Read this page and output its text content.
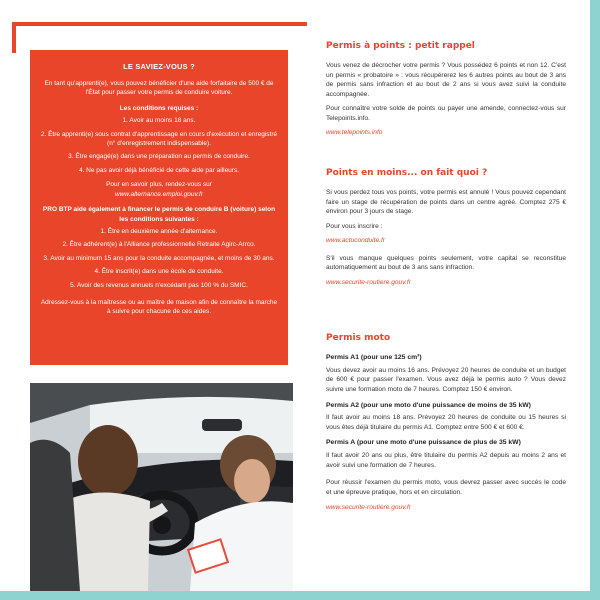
LE SAVIEZ-VOUS ?

En tant qu'apprenti(e), vous pouvez bénéficier d'une aide forfaitaire de 500 € de l'État pour passer votre permis de conduire voiture.

Les conditions requises :
1. Avoir au moins 18 ans.
2. Être apprenti(e) sous contrat d'apprentissage en cours d'exécution et enregistré (n° d'enregistrement indispensable).
3. Être engagé(e) dans une préparation au permis de conduire.
4. Ne pas avoir déjà bénéficié de cette aide par ailleurs.
Pour en savoir plus, rendez-vous sur
www.alternance.emploi.gouv.fr
PRO BTP aide également à financer le permis de conduire B (voiture) selon les conditions suivantes :
1. Être en deuxième année d'alternance.
2. Être adhérent(e) à l'Alliance professionnelle Retraite Agirc-Arrco.
3. Avoir au minimum 15 ans pour la conduite accompagnée, et moins de 30 ans.
4. Être inscrit(e) dans une école de conduite.
5. Avoir des revenus annuels n'excédant pas 100 % du SMIC.

Adressez-vous à la maîtresse ou au maître de maison afin de connaître la marche à suivre pour chacune de ces aides.

Permis à points : petit rappel

Vous venez de décrocher votre permis ? Vous possédez 6 points et non 12. C'est un permis « probatoire » : vous récupérerez les 6 autres points au bout de 3 ans de permis sans infraction et au bout de 2 ans si vous avez suivi la conduite accompagnée.

Pour connaître votre solde de points ou payer une amende, connectez-vous sur Telepoints.info.

www.telepoints.info

Points en moins... on fait quoi ?

Si vous perdez tous vos points, votre permis est annulé ! Vous pouvez cependant faire un stage de récupération de points dans un centre agréé. Comptez 275 € environ pour 3 jours de stage.

Pour vous inscrire :

www.actuconduite.fr

S'il vous manque quelques points seulement, votre capital se reconstitue automatiquement au bout de 3 ans sans infraction.

www.securite-routiere.gouv.fr

Permis moto
Permis A1 (pour une 125 cm³)

Vous devez avoir au moins 16 ans. Prévoyez 20 heures de conduite et un budget de 600 € pour passer l'examen. Vous avez déjà le permis auto ? Vous devez suivre une formation moto de 7 heures. Comptez 150 € environ.

Permis A2 (pour une moto d'une puissance de moins de 35 kW)

Il faut avoir au moins 18 ans. Prévoyez 20 heures de conduite ou 15 heures si vous êtes déjà titulaire du permis A1. Comptez entre 500 € et 600 €.

Permis A (pour une moto d'une puissance de plus de 35 kW)

Il faut avoir 20 ans ou plus, être titulaire du permis A2 depuis au moins 2 ans et avoir suivi une formation de 7 heures.

Pour réussir l'examen du permis moto, vous devrez passer avec succès le code et une épreuve pratique, hors et en circulation.

www.securite-routiere.gouv.fr

30	31
